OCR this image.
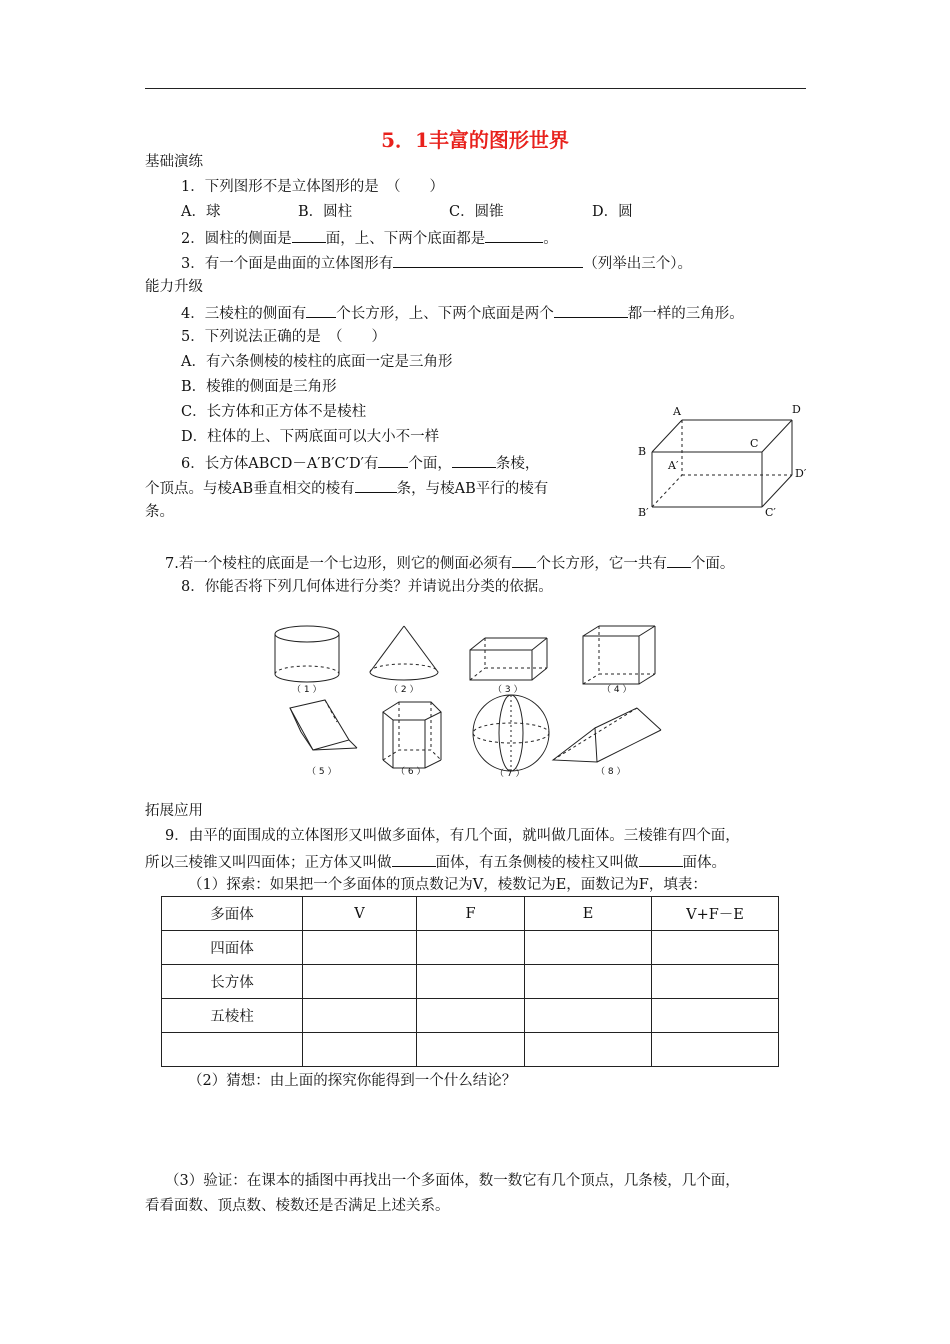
5．1丰富的图形世界
基础演练
1．下列图形不是立体图形的是　（　　）
A．球	B．圆柱	C．圆锥	D．圆
2．圆柱的侧面是 面，上、下两个底面都是	。
3．有一个面是曲面的立体图形有	（列举出三个）。
能力升级
4．三棱柱的侧面有 个长方形，上、下两个底面是两个	都一样的三角形。
5．下列说法正确的是　（　　）
A．有六条侧棱的棱柱的底面一定是三角形
B．棱锥的侧面是三角形
C．长方体和正方体不是棱柱
D．柱体的上、下两底面可以大小不一样
6．长方体ABCD－A′B′C′D′有 个面，	条棱，
个顶点。与棱AB垂直相交的棱有	条，与棱AB平行的棱有
条。
A	D
B
C
A′
D′
B′	C′
7.若一个棱柱的底面是一个七边形，则它的侧面必须有 个长方形，它一共有 个面。
8．你能否将下列几何体进行分类？并请说出分类的依据。
（ 1 ）	（ 2 ）	（ 3 ）	（ 4 ）
（ 5 ）	（ 6 ）	（ 7 ）	（ 8 ）
拓展应用
9．由平的面围成的立体图形又叫做多面体，有几个面，就叫做几面体。三棱锥有四个面，
所以三棱锥又叫四面体；正方体又叫做	面体，有五条侧棱的棱柱又叫做	面体。
（1）探索：如果把一个多面体的顶点数记为V，棱数记为E，面数记为F，填表：
多面体	V	F	E	V+F－E
四面体				
长方体				
五棱柱				

（2）猜想：由上面的探究你能得到一个什么结论？
（3）验证：在课本的插图中再找出一个多面体，数一数它有几个顶点，几条棱，几个面，
看看面数、顶点数、棱数还是否满足上述关系。
